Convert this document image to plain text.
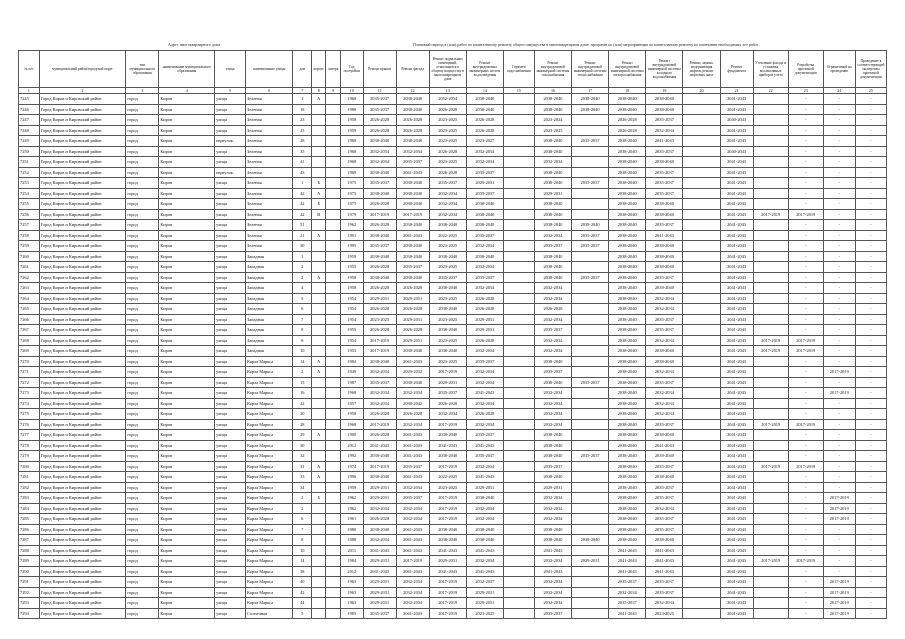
Адрес многоквартирного дома	Плановый период в (или) работ по капитальному ремонту общего имущества в многоквартирном доме, программ по (или) мероприятиям по капитальному ремонту по окончании необходимых лет работ
№ п/п	муниципальный район/городской округ	тип муниципального образования	наименование муниципального образования	улица	наименование улицы	дом	корпус	литера	Год постройки	Ремонт крыши	Ремонт фасада	Ремонт подвальных помещений, относящихся к общему имуществу в многоквартирном доме	Ремонт внутридомовых инженерных систем водоотведения	Горячего водоснабжения	Ремонт внутридомовой инженерной системы газоснабжения	Ремонт внутридомовой инженерной системы теплоснабжения	Ремонт внутридомовой инженерной системы электроснабжения	Ремонт внутридомовой инженерной системы холодного водоснабжения	Ремонт, замена, модернизация лифтов, ремонт лифтовых шахт	Ремонт фундамента	Утепление фасада и установка коллективных приборов учета	Разработка проектной документации	Ограничений на проведение	Проведение в соответствующей экспертизы проектной документации
1	2	3	4	5	6	7	8	9	10	11	12	13	14	15	16	17	18	19	20	21	22	23	24	25
7245	Город Киров и Кировский район	город	Киров	улица	Зеленая	1	А		1968	2035-2037	2038-2040	2052-2054	2038-2040		2038-2040	2038-2040	2038-2040	2038-2040		2041-2043		-	-	-
7246	Город Киров и Кировский район	город	Киров	улица	Зеленая	18			1980	2035-2037	2038-2040	2026-2028	2038-2040		2038-2040	2038-2040	2038-2040	2038-2040		2041-2043		-	-	-
7247	Город Киров и Кировский район	город	Киров	улица	Зеленая	23			1958	2026-2028	2026-2028	2023-2025	2026-2028		2023-2024		2026-2028	2035-2037		2040-2043		-	-	-
7248	Город Киров и Кировский район	город	Киров	улица	Зеленая	25			1959	2026-2028	2026-2028	2023-2025	2026-2028		2023-2025		2026-2028	2032-2034		2041-2043		-	-	-
7249	Город Киров и Кировский район	город	Киров	переулок	Зеленая	28			1968	2038-2040	2038-2040	2023-2025	2023-2027		2038-2040	2035-2037	2038-2040	2041-2043		2041-2043		-	-	-
7250	Город Киров и Кировский район	город	Киров	улица	Зеленая	35			1968	2032-2034	2032-2034	2026-2028	2032-2034		2038-2040		2038-2040	2035-2037		2040-2043		-	-	-
7251	Город Киров и Кировский район	город	Киров	улица	Зеленая	41			1968	2032-2034	2035-2037	2023-2025	2032-2034		2032-2034		2038-2040	2038-2040		2041-2043		-	-	-
7252	Город Киров и Кировский район	город	Киров	переулок	Зеленая	43			1969	2038-2040	2041-2043	2026-2028	2035-2037		2038-2040		2038-2040	2035-2037		2041-2043		-	-	-
7253	Город Киров и Кировский район	город	Киров	улица	Зеленая	1	Б		1975	2035-2037	2038-2040	2035-2037	2029-2031		2038-2040	2035-2037	2038-2040	2035-2037		2041-2043		-	-	-
7254	Город Киров и Кировский район	город	Киров	улица	Зеленая	42	А		1975	2038-2040	2038-2040	2032-2034	2035-2037		2029-2031		2038-2040	2035-2037		2041-2043		-	-	-
7255	Город Киров и Кировский район	город	Киров	улица	Зеленая	42	Б		1975	2026-2028	2038-2040	2032-2034	2038-2040		2038-2040		2038-2040	2038-2040		2041-2043		-	-	-
7256	Город Киров и Кировский район	город	Киров	улица	Зеленая	42	В		1979	2017-2019	2017-2019	2032-2034	2038-2040		2038-2040		2038-2040	2038-2040		2041-2043	2017-2019	2017-2019	-	-
7257	Город Киров и Кировский район	город	Киров	улица	Зеленая	51			1962	2026-2028	2038-2040	2038-2040	2038-2040		2038-2040	2038-2040	2038-2040	2035-2037		2041-2043		-	-	-
7258	Город Киров и Кировский район	город	Киров	улица	Зеленая	21	А		1991	2038-2040	2041-2043	2022-2025	2035-2037		2032-2034	2035-2037	2038-2040	2041-2043		2041-2043		-	-	-
7259	Город Киров и Кировский район	город	Киров	улица	Зеленая	30			1995	2035-2037	2038-2040	2023-2025	2032-2034		2035-2037	2035-2037	2038-2040	2038-2040		2041-2043		-	-	-
7260	Город Киров и Кировский район	город	Киров	улица	Западная	1			1959	2038-2040	2038-2040	2038-2040	2038-2040		2038-2040		2038-2040	2038-2040		2041-2043		-	-	-
7261	Город Киров и Кировский район	город	Киров	улица	Западная	2			1955	2026-2028	2035-2037	2023-2025	2032-2034		2038-2040		2038-2040	2038-2040		2041-2043		-	-	-
7262	Город Киров и Кировский район	город	Киров	улица	Западная	2	А		1958	2038-2040	2038-2040	2035-2037	2035-2037		2038-2040	2035-2037	2038-2040	2035-2037		2041-2043		-	-	-
7263	Город Киров и Кировский район	город	Киров	улица	Западная	4			1958	2026-2028	2026-2028	2038-2040	2032-2034		2032-2034		2038-2040	2038-2040		2041-2043		-	-	-
7264	Город Киров и Кировский район	город	Киров	улица	Западная	5			1954	2029-2031	2029-2031	2023-2025	2026-2028		2032-2034		2038-2040	2032-2034		2041-2043		-	-	-
7265	Город Киров и Кировский район	город	Киров	улица	Западная	6			1954	2026-2028	2026-2028	2038-2040	2026-2028		2026-2028		2038-2040	2032-2034		2041-2043		-	-	-
7266	Город Киров и Кировский район	город	Киров	улица	Западная	7			1954	2023-2025	2029-2031	2023-2025	2029-2031		2032-2034		2038-2040	2035-2037		2041-2043		-	-	-
7267	Город Киров и Кировский район	город	Киров	улица	Западная	8			1955	2026-2028	2026-2028	2038-2040	2029-2031		2035-2037		2038-2040	2035-2037		2041-2043		-	-	-
7268	Город Киров и Кировский район	город	Киров	улица	Западная	9			1954	2017-2019	2029-2031	2023-2025	2026-2028		2032-2034		2038-2040	2032-2034		2041-2043	2017-2019	2017-2019	-	-
7269	Город Киров и Кировский район	город	Киров	улица	Западная	10			1953	2017-2019	2038-2040	2038-2040	2032-2034		2032-2034		2038-2040	2038-2040		2041-2043	2017-2019	2017-2019	-	-
7270	Город Киров и Кировский район	город	Киров	улица	Карла Маркса	14	А		1984	2038-2040	2041-2043	2023-2025	2035-2037		2038-2040		2038-2040	2038-2040		2041-2043		-	-	-
7271	Город Киров и Кировский район	город	Киров	улица	Карла Маркса	2	А		1949	2032-2034	2029-2032	2017-2019	2032-2034		2035-2037		2038-2040	2032-2034		2041-2043		-	2017-2019	-
7272	Город Киров и Кировский район	город	Киров	улица	Карла Маркса	15			1987	2035-2037	2038-2040	2029-2031	2032-2034		2038-2040	2035-2037	2038-2040	2035-2037		2041-2043		-	-	-
7273	Город Киров и Кировский район	город	Киров	улица	Карла Маркса	16			1968	2032-2034	2032-2034	2035-2037	2041-2043		2032-2034		2038-2040	2032-2034		2041-2043		-	2017-2019	-
7274	Город Киров и Кировский район	город	Киров	улица	Карла Маркса	22			1957	2032-2034	2038-2042	2026-2028	2032-2034		2032-2034		2038-2040	2032-2034		2041-2043		-	-	-
7275	Город Киров и Кировский район	город	Киров	улица	Карла Маркса	20			1958	2026-2028	2026-2028	2032-2034	2026-2028		2032-2034		2038-2040	2032-2034		2041-2043		-	-	-
7276	Город Киров и Кировский район	город	Киров	улица	Карла Маркса	28			1968	2017-2019	2032-2034	2017-2019	2032-2034		2032-2034		2038-2040	2035-2037		2041-2043	2017-2019	2017-2019	-	-
7277	Город Киров и Кировский район	город	Киров	улица	Карла Маркса	29	А		1990	2026-2028	2041-2043	2038-2040	2035-2037		2038-2040		2038-2040	2038-2040		2041-2043		-	-	-
7278	Город Киров и Кировский район	город	Киров	улица	Карла Маркса	30			2012	2041-2043	2041-2043	2041-2043	2041-2043		2038-2040		2038-2040	2041-2043		2041-2043		-	-	-
7279	Город Киров и Кировский район	город	Киров	улица	Карла Маркса	32			1992	2038-2040	2041-2043	2038-2040	2035-2037		2038-2040	2035-2037	2038-2040	2038-2040		2041-2043		-	-	-
7280	Город Киров и Кировский район	город	Киров	улица	Карла Маркса	31	А		1974	2017-2019	2035-2037	2017-2019	2032-2034		2035-2037		2038-2040	2035-2037		2041-2043	2017-2019	2017-2019	-	-
7281	Город Киров и Кировский район	город	Киров	улица	Карла Маркса	33	А		1996	2038-2040	2041-2043	2022-2025	2041-2043		2038-2040		2038-2040	2038-2040		2041-2043		-	-	-
7282	Город Киров и Кировский район	город	Киров	улица	Карла Маркса	34			1959	2029-2031	2032-2034	2023-2025	2029-2031		2029-2031		2038-2040	2035-2037		2041-2043		-	-	-
7283	Город Киров и Кировский район	город	Киров	улица	Карла Маркса	2	Б		1962	2029-2031	2035-2037	2017-2019	2038-2040		2032-2034		2038-2040	2035-2037		2041-2043		-	2017-2019	-
7284	Город Киров и Кировский район	город	Киров	улица	Карла Маркса	2			1962	2032-2034	2032-2034	2017-2019	2032-2034		2032-2034		2038-2040	2032-2034		2041-2043		-	2017-2019	-
7285	Город Киров и Кировский район	город	Киров	улица	Карла Маркса	6			1961	2026-2028	2032-2034	2017-2019	2032-2034		2032-2034		2038-2040	2035-2037		2041-2043		-	2017-2019	-
7286	Город Киров и Кировский район	город	Киров	улица	Карла Маркса	7			1980	2038-2040	2041-2043	2038-2040	2038-2040		2038-2040		2038-2040	2035-2037		2041-2043		-	-	-
7287	Город Киров и Кировский район	город	Киров	улица	Карла Маркса	8			1988	2032-2034	2041-2043	2038-2040	2038-2040		2038-2040	2038-2040	2038-2040	2038-2040		2041-2043		-	-	-
7288	Город Киров и Кировский район	город	Киров	улица	Карла Маркса	10			2011	2041-2043	2041-2043	2041-2043	2041-2043		2041-2043		2041-2043	2041-2043		2041-2043		-	-	-
7289	Город Киров и Кировский район	город	Киров	улица	Карла Маркса	14			1984	2029-2031	2017-2019	2029-2031	2032-2034		2032-2034	2029-2031	2041-2043	2041-2043		2041-2043	2017-2019	2017-2019	-	-
7290	Город Киров и Кировский район	город	Киров	улица	Карла Маркса	38			2012	2041-2043	2041-2043	2041-2043	2041-2043		2041-2043		2041-2043	2041-2043		2041-2043		-	-	-
7291	Город Киров и Кировский район	город	Киров	улица	Карла Маркса	40			1963	2029-2031	2032-2034	2017-2019	2032-2037		2032-2034		2035-2037	2035-2037		2041-2043		-	2017-2019	-
7292	Город Киров и Кировский район	город	Киров	улица	Карла Маркса	42			1963	2029-2031	2032-2034	2017-2019	2029-2031		2032-2034		2032-2034	2035-2037		2041-2043		-	2017-2019	-
7293	Город Киров и Кировский район	город	Киров	улица	Карла Маркса	44			1963	2029-2031	2032-2034	2017-2019	2029-2031		2032-2034		2035-2037	2032-2034		2041-2043		-	2017-2019	-
7294	Город Киров и Кировский район	город	Киров	улица	Солнечная	5			1985	2035-2037	2041-2043	2017-2019	2023-2025		2035-2037		2041-2043	2023-2025		2041-2043		-	2017-2019	-
